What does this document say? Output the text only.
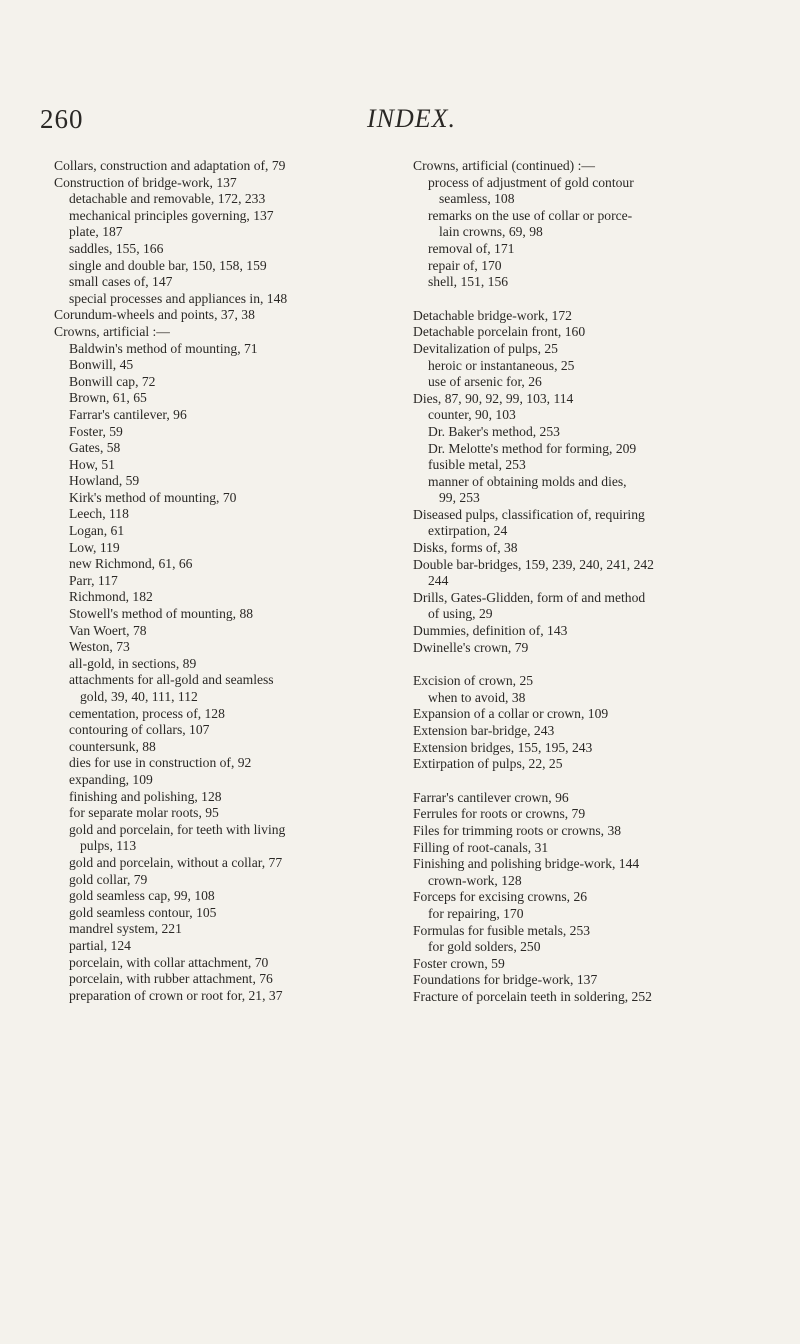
260	INDEX.
Collars, construction and adaptation of, 79
Construction of bridge-work, 137
detachable and removable, 172, 233
mechanical principles governing, 137
plate, 187
saddles, 155, 166
single and double bar, 150, 158, 159
small cases of, 147
special processes and appliances in, 148
Corundum-wheels and points, 37, 38
Crowns, artificial :—
Baldwin's method of mounting, 71
Bonwill, 45
Bonwill cap, 72
Brown, 61, 65
Farrar's cantilever, 96
Foster, 59
Gates, 58
How, 51
Howland, 59
Kirk's method of mounting, 70
Leech, 118
Logan, 61
Low, 119
new Richmond, 61, 66
Parr, 117
Richmond, 182
Stowell's method of mounting, 88
Van Woert, 78
Weston, 73
all-gold, in sections, 89
attachments for all-gold and seamless
gold, 39, 40, 111, 112
cementation, process of, 128
contouring of collars, 107
countersunk, 88
dies for use in construction of, 92
expanding, 109
finishing and polishing, 128
for separate molar roots, 95
gold and porcelain, for teeth with living
pulps, 113
gold and porcelain, without a collar, 77
gold collar, 79
gold seamless cap, 99, 108
gold seamless contour, 105
mandrel system, 221
partial, 124
porcelain, with collar attachment, 70
porcelain, with rubber attachment, 76
preparation of crown or root for, 21, 37
Crowns, artificial (continued) :—
process of adjustment of gold contour
seamless, 108
remarks on the use of collar or porce-
lain crowns, 69, 98
removal of, 171
repair of, 170
shell, 151, 156
Detachable bridge-work, 172
Detachable porcelain front, 160
Devitalization of pulps, 25
heroic or instantaneous, 25
use of arsenic for, 26
Dies, 87, 90, 92, 99, 103, 114
counter, 90, 103
Dr. Baker's method, 253
Dr. Melotte's method for forming, 209
fusible metal, 253
manner of obtaining molds and dies,
99, 253
Diseased pulps, classification of, requiring
extirpation, 24
Disks, forms of, 38
Double bar-bridges, 159, 239, 240, 241, 242
244
Drills, Gates-Glidden, form of and method
of using, 29
Dummies, definition of, 143
Dwinelle's crown, 79
Excision of crown, 25
when to avoid, 38
Expansion of a collar or crown, 109
Extension bar-bridge, 243
Extension bridges, 155, 195, 243
Extirpation of pulps, 22, 25
Farrar's cantilever crown, 96
Ferrules for roots or crowns, 79
Files for trimming roots or crowns, 38
Filling of root-canals, 31
Finishing and polishing bridge-work, 144
crown-work, 128
Forceps for excising crowns, 26
for repairing, 170
Formulas for fusible metals, 253
for gold solders, 250
Foster crown, 59
Foundations for bridge-work, 137
Fracture of porcelain teeth in soldering, 252
